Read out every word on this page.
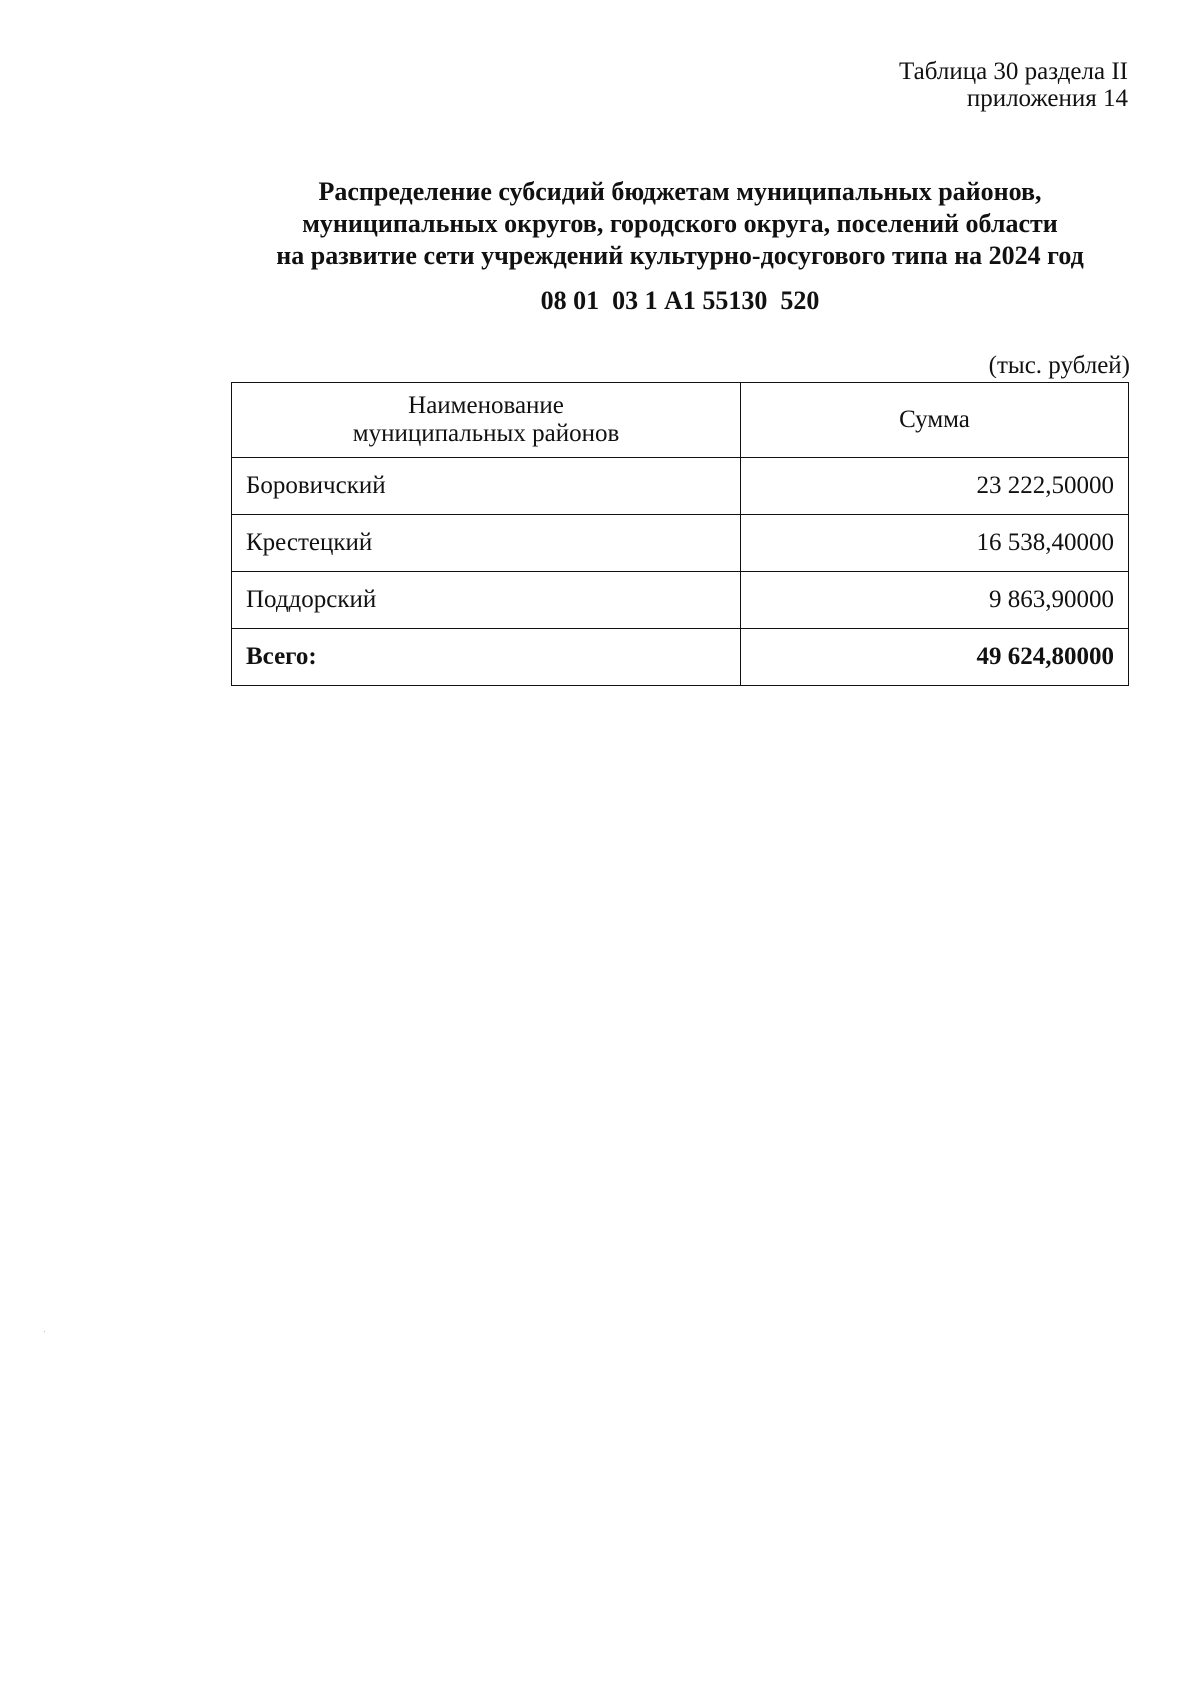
Таблица 30 раздела II
приложения 14
Распределение субсидий бюджетам муниципальных районов,
муниципальных округов, городского округа, поселений области
на развитие сети учреждений культурно-досугового типа на 2024 год
08 01  03 1 А1 55130  520
(тыс. рублей)
Наименование
муниципальных районов	Сумма
Боровичский	23 222,50000
Крестецкий	16 538,40000
Поддорский	9 863,90000
Всего:	49 624,80000
